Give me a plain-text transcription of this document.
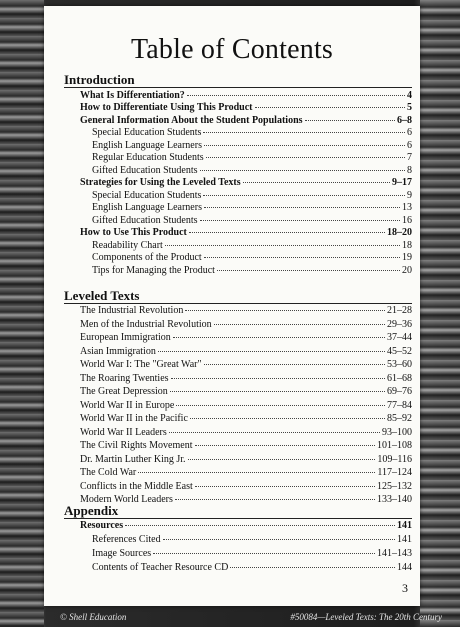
Table of Contents
Introduction
What Is Differentiation?	4
How to Differentiate Using This Product	5
General Information About the Student Populations	6–8
Special Education Students	6
English Language Learners	6
Regular Education Students	7
Gifted Education Students	8
Strategies for Using the Leveled Texts	9–17
Special Education Students	9
English Language Learners	13
Gifted Education Students	16
How to Use This Product	18–20
Readability Chart	18
Components of the Product	19
Tips for Managing the Product	20
Leveled Texts
The Industrial Revolution	21–28
Men of the Industrial Revolution	29–36
European Immigration	37–44
Asian Immigration	45–52
World War I: The "Great War"	53–60
The Roaring Twenties	61–68
The Great Depression	69–76
World War II in Europe	77–84
World War II in the Pacific	85–92
World War II Leaders	93–100
The Civil Rights Movement	101–108
Dr. Martin Luther King Jr.	109–116
The Cold War	117–124
Conflicts in the Middle East	125–132
Modern World Leaders	133–140
Appendix
Resources	141
References Cited	141
Image Sources	141–143
Contents of Teacher Resource CD	144
3
© Shell Education	#50084—Leveled Texts: The 20th Century
